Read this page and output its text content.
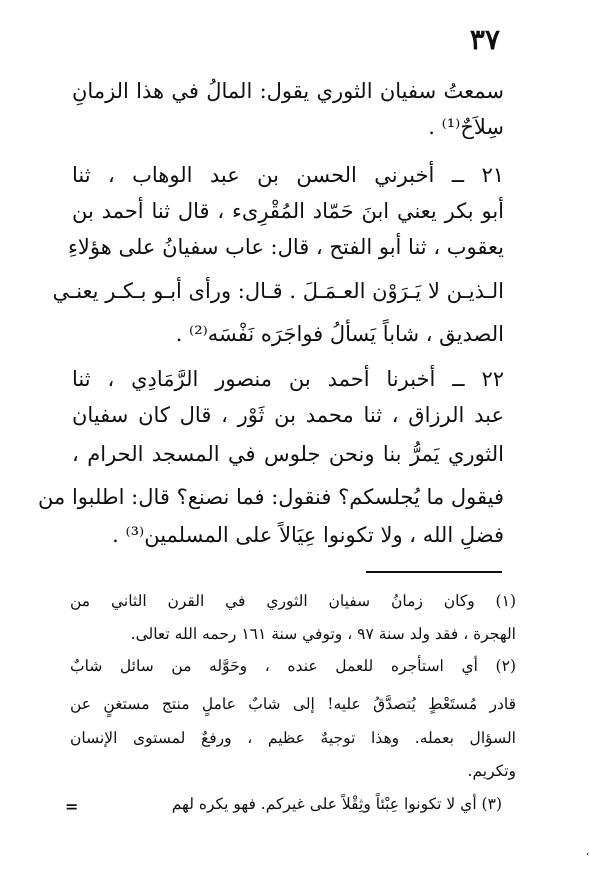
٣٧

سمعتُ سفيان الثوري يقول: المالُ في هذا الزمانِ

سِلاَحٌ⁽¹⁾ .

٢١ ــ أخبرني الحسن بن عبد الوهاب ، ثنا

أبو بكر يعني ابنَ حَمّاد المُقْرِىء ، قال ثنا أحمد بن

يعقوب ، ثنا أبو الفتح ، قال: عاب سفيانُ على هؤلاءِ

الـذيـن لا يَـرَوْن العـمَـلَ . قـال: ورأى أبـو بـكـر يعنـي

الصديق ، شاباً يَسألُ فواجَرَه نَفْسَه⁽²⁾ .

٢٢ ــ أخبرنا أحمد بن منصور الرَّمَادِي ، ثنا

عبد الرزاق ، ثنا محمد بن ثَوْر ، قال كان سفيان

الثوري يَمرُّ بنا ونحن جلوس في المسجد الحرام ،

فيقول ما يُجلسكم؟ فنقول: فما نصنع؟ قال: اطلبوا من

فضلِ الله ، ولا تكونوا عِيَالاً على المسلمين⁽³⁾ .

(١) وكان زمانُ سفيان الثوري في القرن الثاني من

الهجرة ، فقد ولد سنة ٩٧ ، وتوفي سنة ١٦١ رحمه الله تعالى.

(٢) أي استأجره للعمل عنده ، وحَوَّله من سائل شابٌ

قادر مُستَعْطٍ يُتصدَّقُ عليه! إلى شابٌ عاملٍ منتج مستغنٍ عن

السؤال بعمله. وهذا توجيهٌ عظيم ، ورفعٌ لمستوى الإنسان

وتكريم.

(٣) أي لا تكونوا عِبْئاً وثِقْلاً على غيركم. فهو يكره لهم

=
،
